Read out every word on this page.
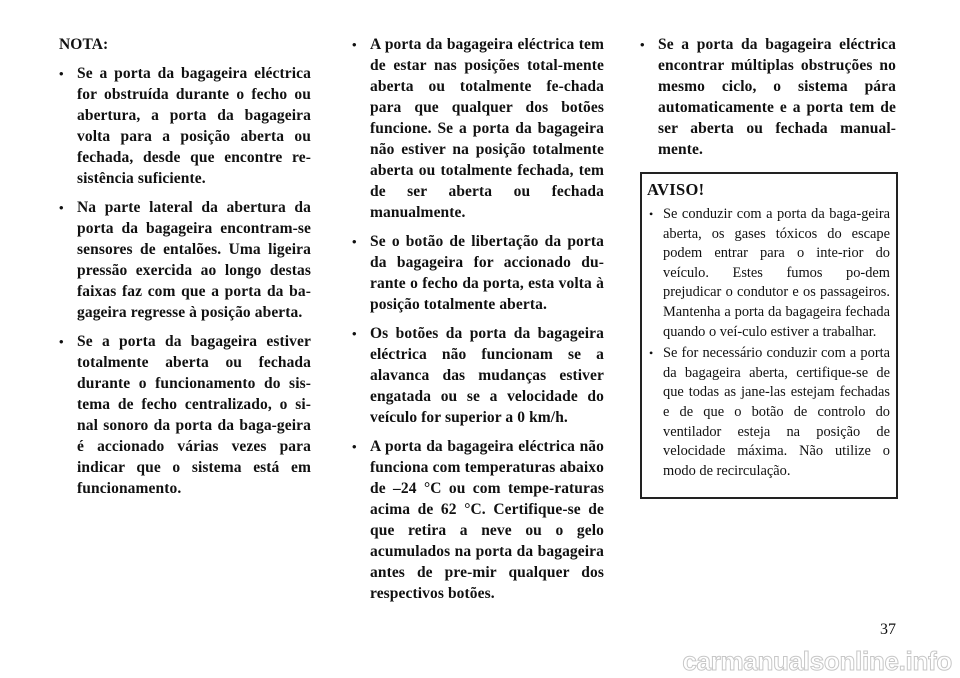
NOTA:
• Se a porta da bagageira eléctrica for obstruída durante o fecho ou abertura, a porta da bagageira volta para a posição aberta ou fechada, desde que encontre re-sistência suficiente.
• Na parte lateral da abertura da porta da bagageira encontram-se sensores de entalões. Uma ligeira pressão exercida ao longo destas faixas faz com que a porta da ba-gageira regresse à posição aberta.
• Se a porta da bagageira estiver totalmente aberta ou fechada durante o funcionamento do sis-tema de fecho centralizado, o si-nal sonoro da porta da baga-geira é accionado várias vezes para indicar que o sistema está em funcionamento.
• A porta da bagageira eléctrica tem de estar nas posições total-mente aberta ou totalmente fe-chada para que qualquer dos botões funcione. Se a porta da bagageira não estiver na posição totalmente aberta ou totalmente fechada, tem de ser aberta ou fechada manualmente.
• Se o botão de libertação da porta da bagageira for accionado du-rante o fecho da porta, esta volta à posição totalmente aberta.
• Os botões da porta da bagageira eléctrica não funcionam se a alavanca das mudanças estiver engatada ou se a velocidade do veículo for superior a 0 km/h.
• A porta da bagageira eléctrica não funciona com temperaturas abaixo de –24 °C ou com tempe-raturas acima de 62 °C. Certifique-se de que retira a neve ou o gelo acumulados na porta da bagageira antes de pre-mir qualquer dos respectivos botões.
• Se a porta da bagageira eléctrica encontrar múltiplas obstruções no mesmo ciclo, o sistema pára automaticamente e a porta tem de ser aberta ou fechada manual-mente.
AVISO!
• Se conduzir com a porta da baga-geira aberta, os gases tóxicos do escape podem entrar para o inte-rior do veículo. Estes fumos po-dem prejudicar o condutor e os passageiros. Mantenha a porta da bagageira fechada quando o veí-culo estiver a trabalhar.
• Se for necessário conduzir com a porta da bagageira aberta, certifique-se de que todas as jane-las estejam fechadas e de que o botão de controlo do ventilador esteja na posição de velocidade máxima. Não utilize o modo de recirculação.
37
carmanualsonline.info
